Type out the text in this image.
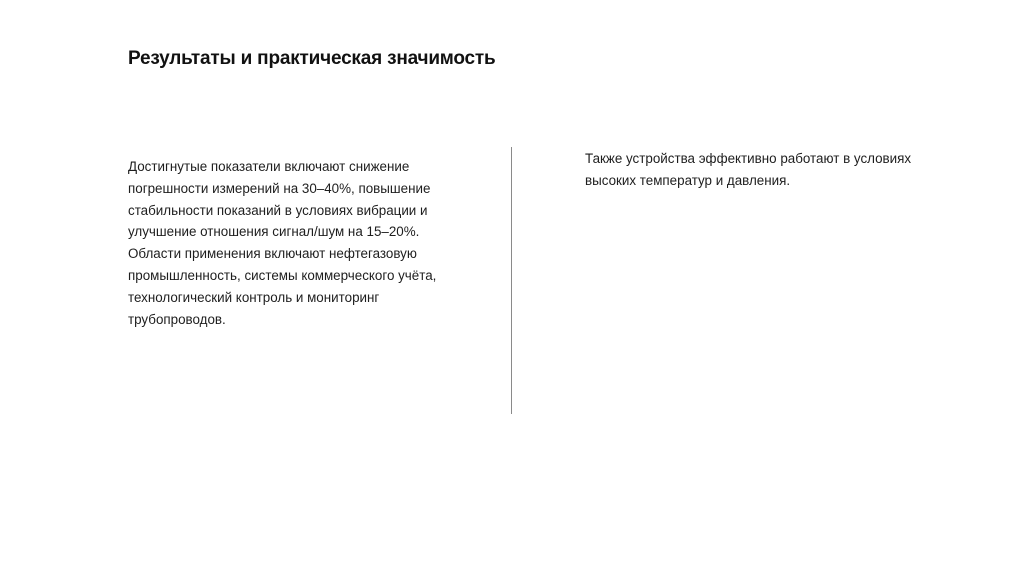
Результаты и практическая значимость

Достигнутые показатели включают снижение

погрешности измерений на 30–40%, повышение

стабильности показаний в условиях вибрации и

улучшение отношения сигнал/шум на 15–20%.

Области применения включают нефтегазовую

промышленность, системы коммерческого учёта,

технологический контроль и мониторинг

трубопроводов.

Также устройства эффективно работают в условиях

высоких температур и давления.
